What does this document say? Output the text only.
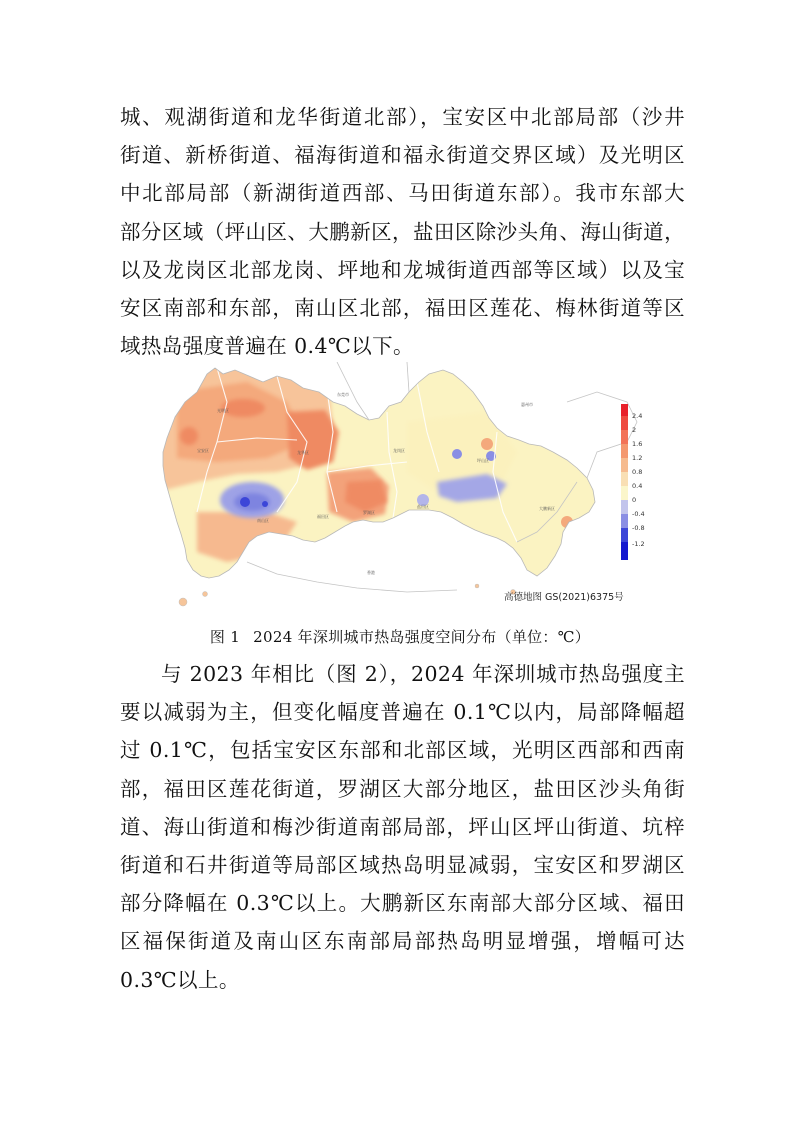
城、观湖街道和龙华街道北部），宝安区中北部局部（沙井
街道、新桥街道、福海街道和福永街道交界区域）及光明区
中北部局部（新湖街道西部、马田街道东部）。我市东部大
部分区域（坪山区、大鹏新区，盐田区除沙头角、海山街道，
以及龙岗区北部龙岗、坪地和龙城街道西部等区域）以及宝
安区南部和东部，南山区北部，福田区莲花、梅林街道等区
域热岛强度普遍在 0.4℃以下。
东莞市
惠州市
光明区
宝安区	龙华区	龙岗区
坪山区
南山区
福田区
罗湖区
盐田区	大鹏新区
香港
2.4
2
1.6
1.2
0.8
0.4
0
-0.4
-0.8
-1.2
高德地图 GS(2021)6375号
图 1 2024 年深圳城市热岛强度空间分布（单位：℃）
与 2023 年相比（图 2），2024 年深圳城市热岛强度主
要以减弱为主，但变化幅度普遍在 0.1℃以内，局部降幅超
过 0.1℃，包括宝安区东部和北部区域，光明区西部和西南
部，福田区莲花街道，罗湖区大部分地区，盐田区沙头角街
道、海山街道和梅沙街道南部局部，坪山区坪山街道、坑梓
街道和石井街道等局部区域热岛明显减弱，宝安区和罗湖区
部分降幅在 0.3℃以上。大鹏新区东南部大部分区域、福田
区福保街道及南山区东南部局部热岛明显增强，增幅可达
0.3℃以上。
